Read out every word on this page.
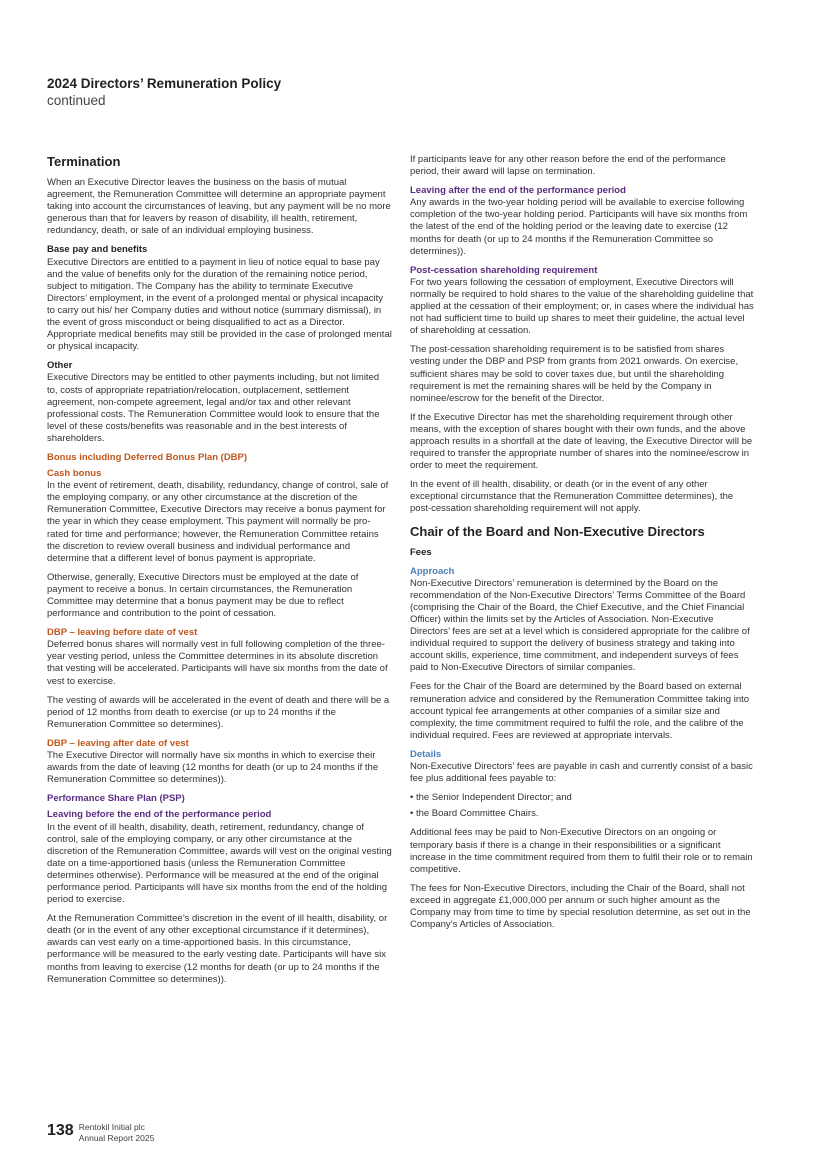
2024 Directors’ Remuneration Policy
continued
Termination

When an Executive Director leaves the business on the basis of mutual agreement, the Remuneration Committee will determine an appropriate payment taking into account the circumstances of leaving, but any payment will be no more generous than that for leavers by reason of disability, ill health, retirement, redundancy, death, or sale of an individual employing business.

Base pay and benefits

Executive Directors are entitled to a payment in lieu of notice equal to base pay and the value of benefits only for the duration of the remaining notice period, subject to mitigation. The Company has the ability to terminate Executive Directors’ employment, in the event of a prolonged mental or physical incapacity to carry out his/ her Company duties and without notice (summary dismissal), in the event of gross misconduct or being disqualified to act as a Director. Appropriate medical benefits may still be provided in the case of prolonged mental or physical incapacity.

Other

Executive Directors may be entitled to other payments including, but not limited to, costs of appropriate repatriation/relocation, outplacement, settlement agreement, non-compete agreement, legal and/or tax and other relevant professional costs. The Remuneration Committee would look to ensure that the level of these costs/benefits was reasonable and in the best interests of shareholders.

Bonus including Deferred Bonus Plan (DBP)
Cash bonus

In the event of retirement, death, disability, redundancy, change of control, sale of the employing company, or any other circumstance at the discretion of the Remuneration Committee, Executive Directors may receive a bonus payment for the year in which they cease employment. This payment will normally be pro-rated for time and performance; however, the Remuneration Committee retains the discretion to review overall business and individual performance and determine that a different level of bonus payment is appropriate.

Otherwise, generally, Executive Directors must be employed at the date of payment to receive a bonus. In certain circumstances, the Remuneration Committee may determine that a bonus payment may be due to reflect performance and contribution to the point of cessation.

DBP – leaving before date of vest

Deferred bonus shares will normally vest in full following completion of the three-year vesting period, unless the Committee determines in its absolute discretion that vesting will be accelerated. Participants will have six months from the date of vest to exercise.

The vesting of awards will be accelerated in the event of death and there will be a period of 12 months from death to exercise (or up to 24 months if the Remuneration Committee so determines).

DBP – leaving after date of vest

The Executive Director will normally have six months in which to exercise their awards from the date of leaving (12 months for death (or up to 24 months if the Remuneration Committee so determines)).

Performance Share Plan (PSP)
Leaving before the end of the performance period

In the event of ill health, disability, death, retirement, redundancy, change of control, sale of the employing company, or any other circumstance at the discretion of the Remuneration Committee, awards will vest on the original vesting date on a time-apportioned basis (unless the Remuneration Committee determines otherwise). Performance will be measured at the end of the original performance period. Participants will have six months from the end of the holding period to exercise.

At the Remuneration Committee’s discretion in the event of ill health, disability, or death (or in the event of any other exceptional circumstance if it determines), awards can vest early on a time-apportioned basis. In this circumstance, performance will be measured to the early vesting date. Participants will have six months from leaving to exercise (12 months for death (or up to 24 months if the Remuneration Committee so determines)).

If participants leave for any other reason before the end of the performance period, their award will lapse on termination.

Leaving after the end of the performance period

Any awards in the two-year holding period will be available to exercise following completion of the two-year holding period. Participants will have six months from the latest of the end of the holding period or the leaving date to exercise (12 months for death (or up to 24 months if the Remuneration Committee so determines)).

Post-cessation shareholding requirement

For two years following the cessation of employment, Executive Directors will normally be required to hold shares to the value of the shareholding guideline that applied at the cessation of their employment; or, in cases where the individual has not had sufficient time to build up shares to meet their guideline, the actual level of shareholding at cessation.

The post-cessation shareholding requirement is to be satisfied from shares vesting under the DBP and PSP from grants from 2021 onwards. On exercise, sufficient shares may be sold to cover taxes due, but until the shareholding requirement is met the remaining shares will be held by the Company in nominee/escrow for the benefit of the Director.

If the Executive Director has met the shareholding requirement through other means, with the exception of shares bought with their own funds, and the above approach results in a shortfall at the date of leaving, the Executive Director will be required to transfer the appropriate number of shares into the nominee/escrow in order to meet the requirement.

In the event of ill health, disability, or death (or in the event of any other exceptional circumstance that the Remuneration Committee determines), the post-cessation shareholding requirement will not apply.

Chair of the Board and Non-Executive Directors
Fees
Approach

Non-Executive Directors’ remuneration is determined by the Board on the recommendation of the Non-Executive Directors’ Terms Committee of the Board (comprising the Chair of the Board, the Chief Executive, and the Chief Financial Officer) within the limits set by the Articles of Association. Non-Executive Directors’ fees are set at a level which is considered appropriate for the calibre of individual required to support the delivery of business strategy and taking into account skills, experience, time commitment, and independent surveys of fees paid to Non-Executive Directors of similar companies.

Fees for the Chair of the Board are determined by the Board based on external remuneration advice and considered by the Remuneration Committee taking into account typical fee arrangements at other companies of a similar size and complexity, the time commitment required to fulfil the role, and the calibre of the individual required. Fees are reviewed at appropriate intervals.

Details

Non-Executive Directors’ fees are payable in cash and currently consist of a basic fee plus additional fees payable to:

• the Senior Independent Director; and

• the Board Committee Chairs.

Additional fees may be paid to Non-Executive Directors on an ongoing or temporary basis if there is a change in their responsibilities or a significant increase in the time commitment required from them to fulfil their role or to remain competitive.

The fees for Non-Executive Directors, including the Chair of the Board, shall not exceed in aggregate £1,000,000 per annum or such higher amount as the Company may from time to time by special resolution determine, as set out in the Company’s Articles of Association.

138 Rentokil Initial plc
Annual Report 2025
